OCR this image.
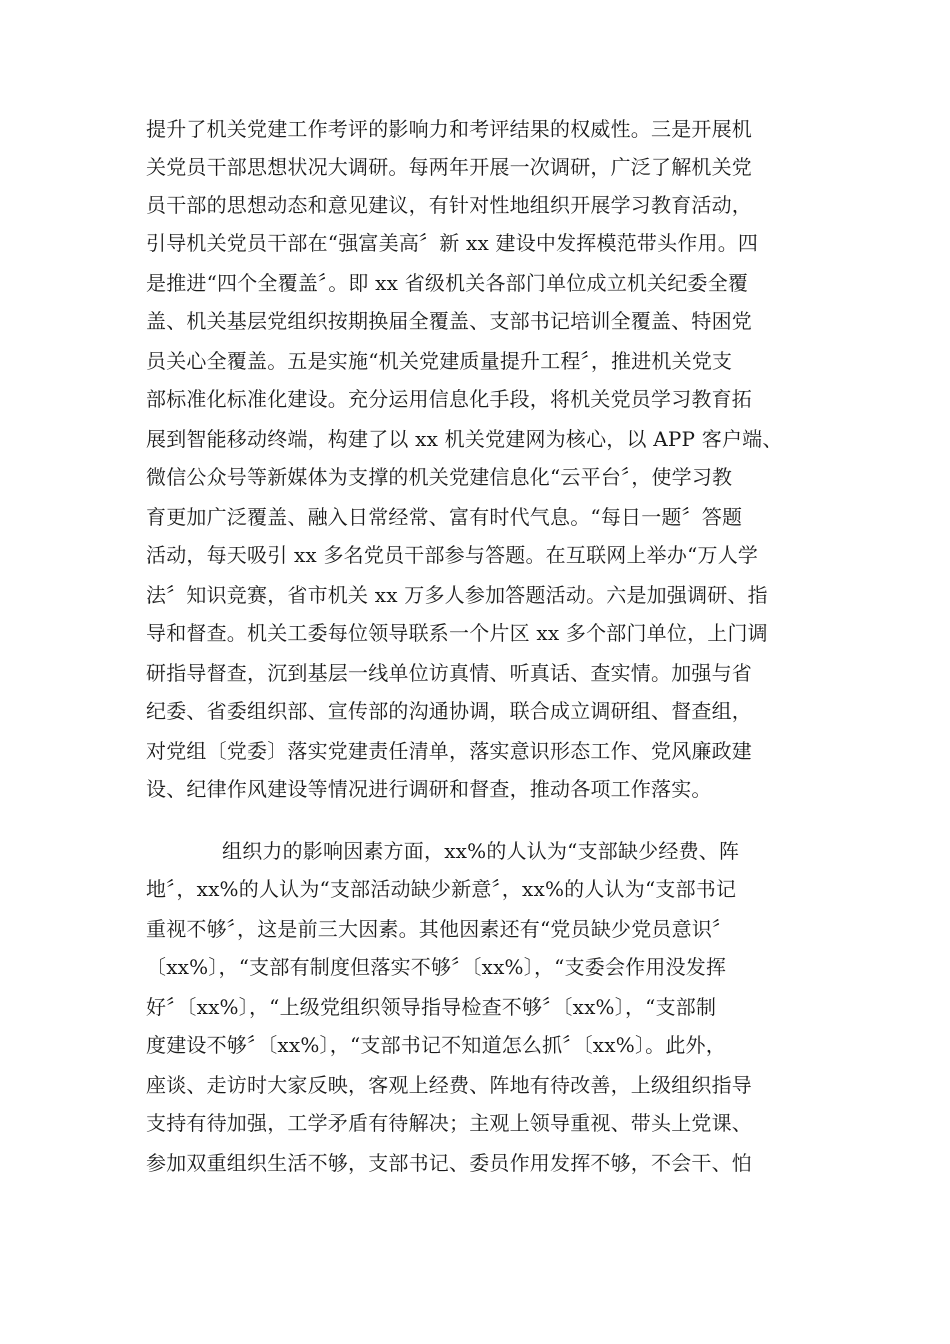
提升了机关党建工作考评的影响力和考评结果的权威性。三是开展机
关党员干部思想状况大调研。每两年开展一次调研，广泛了解机关党
员干部的思想动态和意见建议，有针对性地组织开展学习教育活动，
引导机关党员干部在“强富美高〞新 xx 建设中发挥模范带头作用。四
是推进“四个全覆盖〞。即 xx 省级机关各部门单位成立机关纪委全覆
盖、机关基层党组织按期换届全覆盖、支部书记培训全覆盖、特困党
员关心全覆盖。五是实施“机关党建质量提升工程〞，推进机关党支
部标准化标准化建设。充分运用信息化手段，将机关党员学习教育拓
展到智能移动终端，构建了以 xx 机关党建网为核心，以 APP 客户端、
微信公众号等新媒体为支撑的机关党建信息化“云平台〞，使学习教
育更加广泛覆盖、融入日常经常、富有时代气息。“每日一题〞答题
活动，每天吸引 xx 多名党员干部参与答题。在互联网上举办“万人学
法〞知识竞赛，省市机关 xx 万多人参加答题活动。六是加强调研、指
导和督查。机关工委每位领导联系一个片区 xx 多个部门单位，上门调
研指导督查，沉到基层一线单位访真情、听真话、查实情。加强与省
纪委、省委组织部、宣传部的沟通协调，联合成立调研组、督查组，
对党组〔党委〕落实党建责任清单，落实意识形态工作、党风廉政建
设、纪律作风建设等情况进行调研和督查，推动各项工作落实。
组织力的影响因素方面，xx%的人认为“支部缺少经费、阵
地〞，xx%的人认为“支部活动缺少新意〞，xx%的人认为“支部书记
重视不够〞，这是前三大因素。其他因素还有“党员缺少党员意识〞
〔xx%〕，“支部有制度但落实不够〞〔xx%〕，“支委会作用没发挥
好〞〔xx%〕，“上级党组织领导指导检查不够〞〔xx%〕，“支部制
度建设不够〞〔xx%〕，“支部书记不知道怎么抓〞〔xx%〕。此外，
座谈、走访时大家反映，客观上经费、阵地有待改善，上级组织指导
支持有待加强，工学矛盾有待解决；主观上领导重视、带头上党课、
参加双重组织生活不够，支部书记、委员作用发挥不够，不会干、怕
